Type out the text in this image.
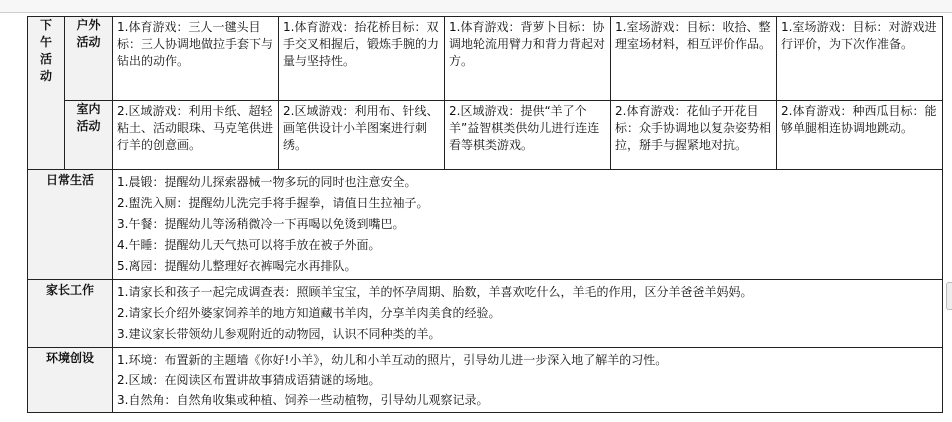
下午活动	户外活动	1.体育游戏：三人一毽头目标：三人协调地做拉手套下与钻出的动作。	1.体育游戏：抬花桥目标：双手交叉相握后，锻炼手腕的力量与坚持性。	1.体育游戏：背萝卜目标：协调地轮流用臂力和背力背起对方。	1.室场游戏：目标：收拾、整理室场材料，相互评价作品。	1.室场游戏：目标：对游戏进行评价，为下次作准备。
	室内活动	2.区域游戏：利用卡纸、超轻粘土、活动眼珠、马克笔供进行羊的创意画。	2.区域游戏：利用布、针线、画笔供设计小羊图案进行刺绣。	2.区域游戏：提供“羊了个羊”益智棋类供幼儿进行连连看等棋类游戏。	2.体育游戏：花仙子开花目标：众手协调地以复杂姿势相拉，掰手与握紧地对抗。	2.体育游戏：种西瓜目标：能够单腿相连协调地跳动。
日常生活		1.晨锻：提醒幼儿探索器械一物多玩的同时也注意安全。
2.盥洗入厕：提醒幼儿洗完手将手握拳，请值日生拉袖子。
3.午餐：提醒幼儿等汤稍微冷一下再喝以免烫到嘴巴。
4.午睡：提醒幼儿天气热可以将手放在被子外面。
5.离园：提醒幼儿整理好衣裤喝完水再排队。				

家长工作		1.请家长和孩子一起完成调查表：照顾羊宝宝，羊的怀孕周期、胎数，羊喜欢吃什么，羊毛的作用，区分羊爸爸羊妈妈。
2.请家长介绍外婆家饲养羊的地方知道藏书羊肉，分享羊肉美食的经验。
3.建议家长带领幼儿参观附近的动物园，认识不同种类的羊。				

环境创设		1.环境：布置新的主题墙《你好!小羊》，幼儿和小羊互动的照片，引导幼儿进一步深入地了解羊的习性。
2.区域：在阅读区布置讲故事猜成语猜谜的场地。
3.自然角：自然角收集或种植、饲养一些动植物，引导幼儿观察记录。				
